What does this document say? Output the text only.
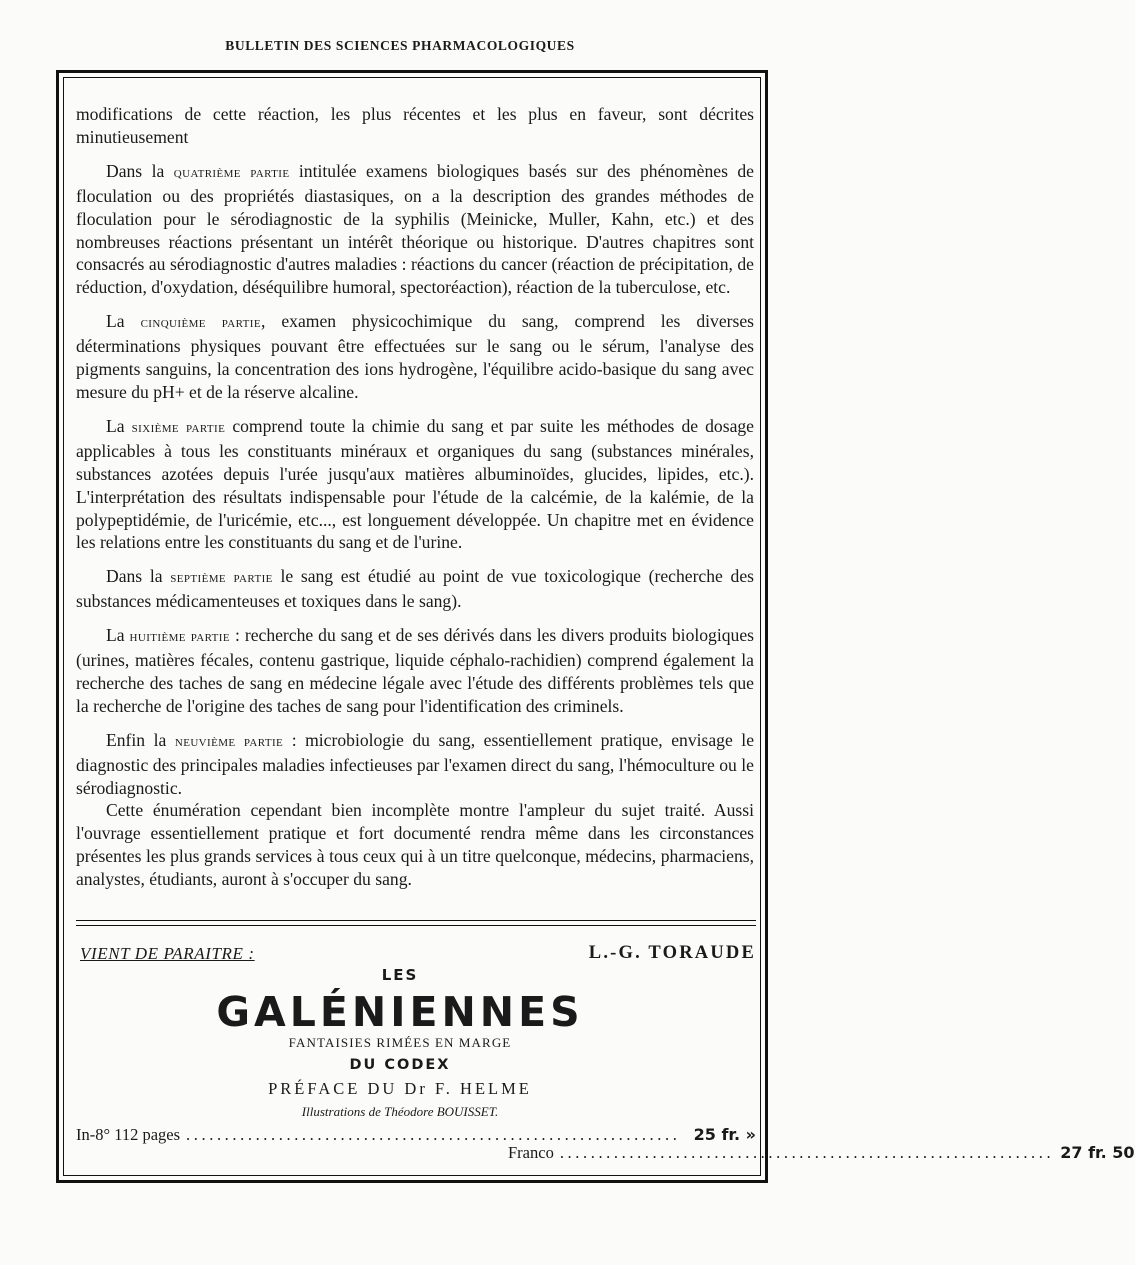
BULLETIN DES SCIENCES PHARMACOLOGIQUES

modifications de cette réaction, les plus récentes et les plus en faveur, sont décrites minutieusement

Dans la quatrième partie intitulée examens biologiques basés sur des phénomènes de floculation ou des propriétés diastasiques, on a la description des grandes méthodes de floculation pour le sérodiagnostic de la syphilis (Meinicke, Muller, Kahn, etc.) et des nombreuses réactions présentant un intérêt théorique ou historique. D'autres chapitres sont consacrés au sérodiagnostic d'autres maladies : réactions du cancer (réaction de précipitation, de réduction, d'oxydation, déséquilibre humoral, spectoréaction), réaction de la tuberculose, etc.

La cinquième partie, examen physicochimique du sang, comprend les diverses déterminations physiques pouvant être effectuées sur le sang ou le sérum, l'analyse des pigments sanguins, la concentration des ions hydrogène, l'équilibre acido-basique du sang avec mesure du pH+ et de la réserve alcaline.

La sixième partie comprend toute la chimie du sang et par suite les méthodes de dosage applicables à tous les constituants minéraux et organiques du sang (substances minérales, substances azotées depuis l'urée jusqu'aux matières albuminoïdes, glucides, lipides, etc.). L'interprétation des résultats indispensable pour l'étude de la calcémie, de la kalémie, de la polypeptidémie, de l'uricémie, etc..., est longuement développée. Un chapitre met en évidence les relations entre les constituants du sang et de l'urine.

Dans la septième partie le sang est étudié au point de vue toxicologique (recherche des substances médicamenteuses et toxiques dans le sang).

La huitième partie : recherche du sang et de ses dérivés dans les divers produits biologiques (urines, matières fécales, contenu gastrique, liquide céphalo-rachidien) comprend également la recherche des taches de sang en médecine légale avec l'étude des différents problèmes tels que la recherche de l'origine des taches de sang pour l'identification des criminels.

Enfin la neuvième partie : microbiologie du sang, essentiellement pratique, envisage le diagnostic des principales maladies infectieuses par l'examen direct du sang, l'hémoculture ou le sérodiagnostic.

Cette énumération cependant bien incomplète montre l'ampleur du sujet traité. Aussi l'ouvrage essentiellement pratique et fort documenté rendra même dans les circonstances présentes les plus grands services à tous ceux qui à un titre quelconque, médecins, pharmaciens, analystes, étudiants, auront à s'occuper du sang.

VIENT DE PARAITRE :	L.-G. TORAUDE
LES
GALÉNIENNES
FANTAISIES RIMÉES EN MARGE
DU CODEX
PRÉFACE DU Dr F. HELME
Illustrations de Théodore BOUISSET.
In-8° 112 pages ................................................................ 25 fr. »
Franco ................................................................ 27 fr. 50
